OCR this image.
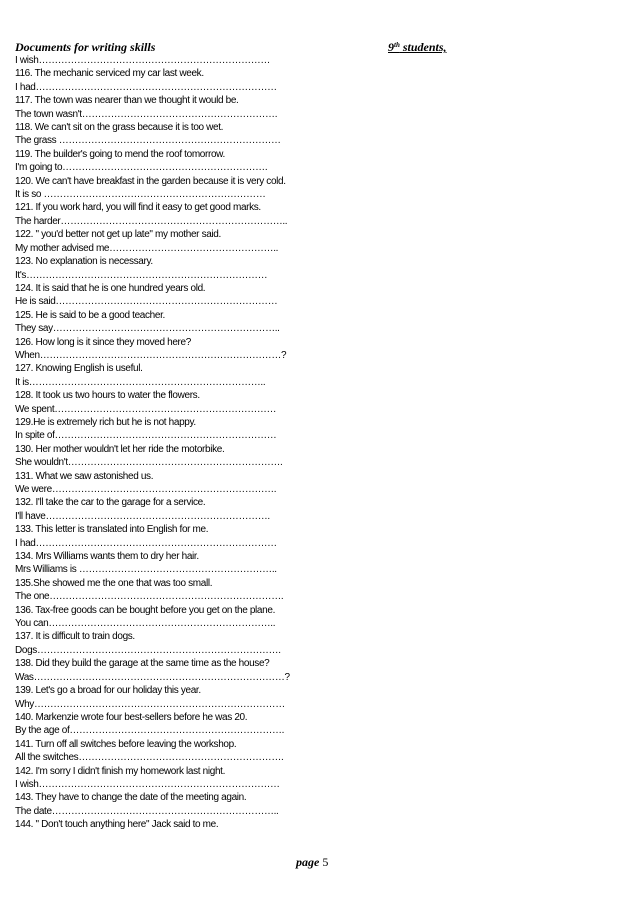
Documents for writing skills	9th students,
I wish………………………………………………………………
116. The mechanic serviced my car last week.
I had…………………………………………………………………
117. The town was nearer than we thought it would be.
The town wasn't…………………………………………………….
118. We can't sit on the grass because it is too wet.
The grass ……………………………………………………………
119. The builder's going to mend the roof tomorrow.
I'm going to……………………………………………………….
120. We can't have breakfast in the garden because it is very cold.
It is so ……………………………………………………………
121. If you work hard, you will find it easy to get good marks.
The harder……………………………………………………………..
122. " you'd better not get up late" my mother said.
My mother advised me……………………………………………..
123. No explanation is necessary.
It's…………………………………………………………………
124. It is said that he is one hundred years old.
He is said……………………………………………………………
125. He is said to be a good teacher.
They say……………………………………………………………..
126. How long is it since they moved here?
When…………………………………………………………………?
127. Knowing English is useful.
It is………………………………………………………………..
128. It took us two hours to water the flowers.
We spent……………………………………………………………
129.He is extremely rich but he is not happy.
In spite of……………………………………………………………
130. Her mother wouldn't let her ride the motorbike.
She wouldn't………………………………………………………….
131. What we saw astonished us.
We were…………………………………………………………….
132. I'll take the car to the garage for a service.
I'll have…………………………………………………………….
133. This letter is translated into English for me.
I had…………………………………………………………………
134. Mrs Williams wants them to dry her hair.
Mrs Williams is ……………………………………………………..
135.She showed me the one that was too small.
The one……………………………………………………………….
136. Tax-free goods can be bought before you get on the plane.
You can……………………………………………………………..
137. It is difficult to train dogs.
Dogs………………………………………………………………….
138. Did they build the garage at the same time as the house?
Was……………………………………………………………………?
139. Let's go a broad for our holiday this year.
Why……………………………………………………………………
140. Markenzie wrote four best-sellers before he was 20.
By the age of………………………………………………………….
141. Turn off all switches before leaving the workshop.
All the switches……………………………………………………….
142. I'm sorry I didn't finish my homework last night.
I wish…………………………………………………………………
143. They have to change the date of the meeting again.
The date……………………………………………………………..
144. " Don't touch anything here" Jack said to me.
page 5
